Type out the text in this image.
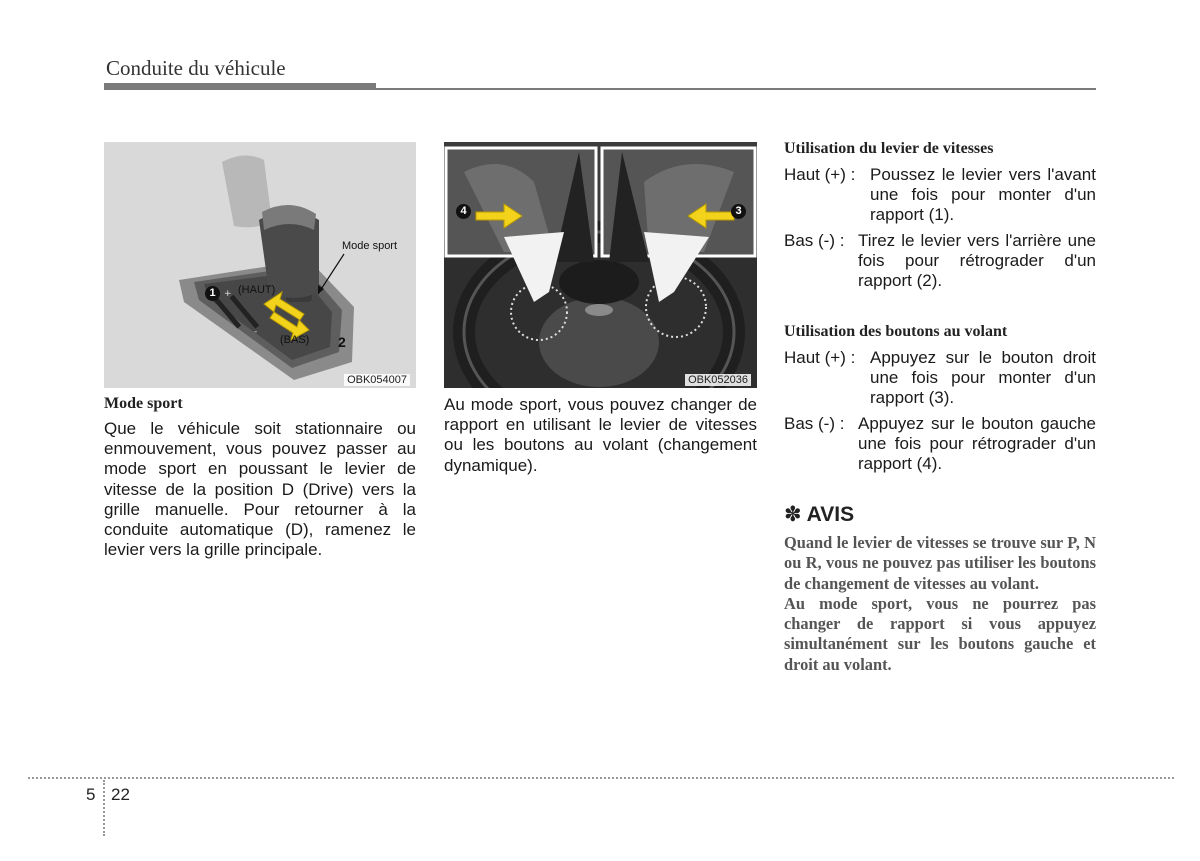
Conduite du véhicule
+
-
Mode sport
1	(HAUT)
(BAS) 2
OBK054007
4	3
OBK052036
Mode sport
Que le véhicule soit stationnaire ou enmouvement, vous pouvez passer au mode sport en poussant le levier de vitesse de la position D (Drive) vers la grille manuelle. Pour retourner à la conduite automatique (D), ramenez le levier vers la grille principale.
Au mode sport, vous pouvez changer de rapport en utilisant le levier de vitesses ou les boutons au volant (changement dynamique).
Utilisation du levier de vitesses
Haut (+) : Poussez le levier vers l'avant une fois pour monter d'un rapport (1).
Bas (-) : Tirez le levier vers l'arrière une fois pour rétrograder d'un rapport (2).
Utilisation des boutons au volant
Haut (+) : Appuyez sur le bouton droit une fois pour monter d'un rapport (3).
Bas (-) : Appuyez sur le bouton gauche une fois pour rétrograder d'un rapport (4).
✽ AVIS

Quand le levier de vitesses se trouve sur P, N ou R, vous ne pouvez pas utiliser les boutons de changement de vitesses au volant.

Au mode sport, vous ne pourrez pas changer de rapport si vous appuyez simultanément sur les boutons gauche et droit au volant.

5 22
